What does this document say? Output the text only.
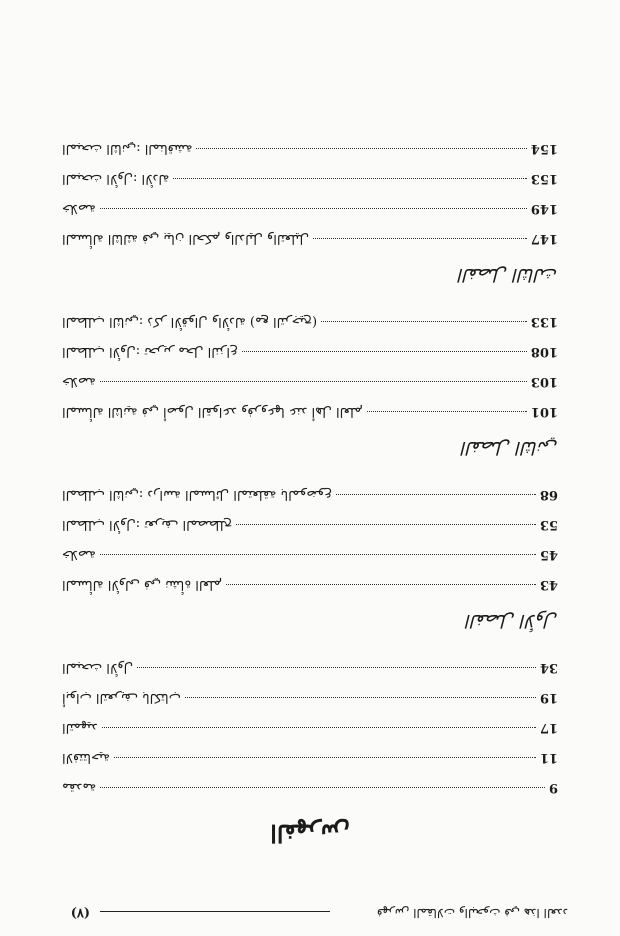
(٧)	فهرس المقالات والبحوث في هذا العدد
الفهرس
9
مقدمة
11
الافتتاحية
17
التمهيد
19
أبواب التعريف بالكتاب
34
المبحث الأول
الفصل الأول
43
المسألة الأولى في نشأة العلم
45
خلاصة
53
المطلب الأول: تعريف المصطلح
68
المطلب الثاني: دراسة المسائل المتعلقة بالموضوع
الفصل الثاني
101
المسألة الثانية في أصول القواعد وفروعها عند أهل العلم
103
خلاصة
108
المطلب الأول: تحرير محل النزاع
133
المطلب الثاني: ذكر الأقوال والأدلة (مع الترجيح)
الفصل الثالث
147
المسألة الثالثة في بيان الحكم والدليل والتعليل
149
خلاصة
153
المبحث الأول: الأدلة
154
المبحث الثاني: المناقشة
